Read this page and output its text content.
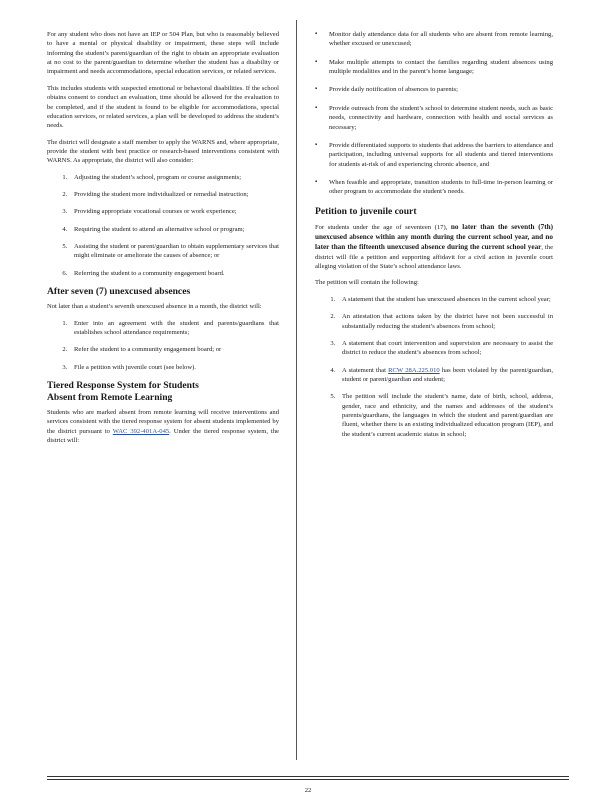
For any student who does not have an IEP or 504 Plan, but who is reasonably believed to have a mental or physical disability or impairment, these steps will include informing the student’s parent/guardian of the right to obtain an appropriate evaluation at no cost to the parent/guardian to determine whether the student has a disability or impairment and needs accommodations, special education services, or related services.

This includes students with suspected emotional or behavioral disabilities. If the school obtains consent to conduct an evaluation, time should be allowed for the evaluation to be completed, and if the student is found to be eligible for accommodations, special education services, or related services, a plan will be developed to address the student’s needs.

The district will designate a staff member to apply the WARNS and, where appropriate, provide the student with best practice or research-based interventions consistent with WARNS. As appropriate, the district will also consider:

1. Adjusting the student’s school, program or course assignments;
2. Providing the student more individualized or remedial instruction;
3. Providing appropriate vocational courses or work experience;
4. Requiring the student to attend an alternative school or program;
5. Assisting the student or parent/guardian to obtain supplementary services that might eliminate or ameliorate the causes of absence; or
6. Referring the student to a community engagement board.
After seven (7) unexcused absences

Not later than a student’s seventh unexcused absence in a month, the district will:

1. Enter into an agreement with the student and parents/guardians that establishes school attendance requirements;
2. Refer the student to a community engagement board; or
3. File a petition with juvenile court (see below).
Tiered Response System for Students
Absent from Remote Learning

Students who are marked absent from remote learning will receive interventions and services consistent with the tiered response system for absent students implemented by the district pursuant to WAC 392-401A-045. Under the tiered response system, the district will:

▪ Monitor daily attendance data for all students who are absent from remote learning, whether excused or unexcused;
▪ Make multiple attempts to contact the families regarding student absences using multiple modalities and in the parent’s home language;
▪ Provide daily notification of absences to parents;
▪ Provide outreach from the student’s school to determine student needs, such as basic needs, connectivity and hardware, connection with health and social services as necessary;
▪ Provide differentiated supports to students that address the barriers to attendance and participation, including universal supports for all students and tiered interventions for students at-risk of and experiencing chronic absence, and
▪ When feasible and appropriate, transition students to full-time in-person learning or other program to accommodate the student’s needs.
Petition to juvenile court

For students under the age of seventeen (17), no later than the seventh (7th) unexcused absence within any month during the current school year, and no later than the fifteenth unexcused absence during the current school year, the district will file a petition and supporting affidavit for a civil action in juvenile court alleging violation of the State’s school attendance laws.

The petition will contain the following:

1. A statement that the student has unexcused absences in the current school year;
2. An attestation that actions taken by the district have not been successful in substantially reducing the student’s absences from school;
3. A statement that court intervention and supervision are necessary to assist the district to reduce the student’s absences from school;
4. A statement that RCW 28A.225.010 has been violated by the parent/guardian, student or parent/guardian and student;
5. The petition will include the student’s name, date of birth, school, address, gender, race and ethnicity, and the names and addresses of the student’s parents/guardians, the languages in which the student and parent/guardian are fluent, whether there is an existing individualized education program (IEP), and the student’s current academic status in school;
22
